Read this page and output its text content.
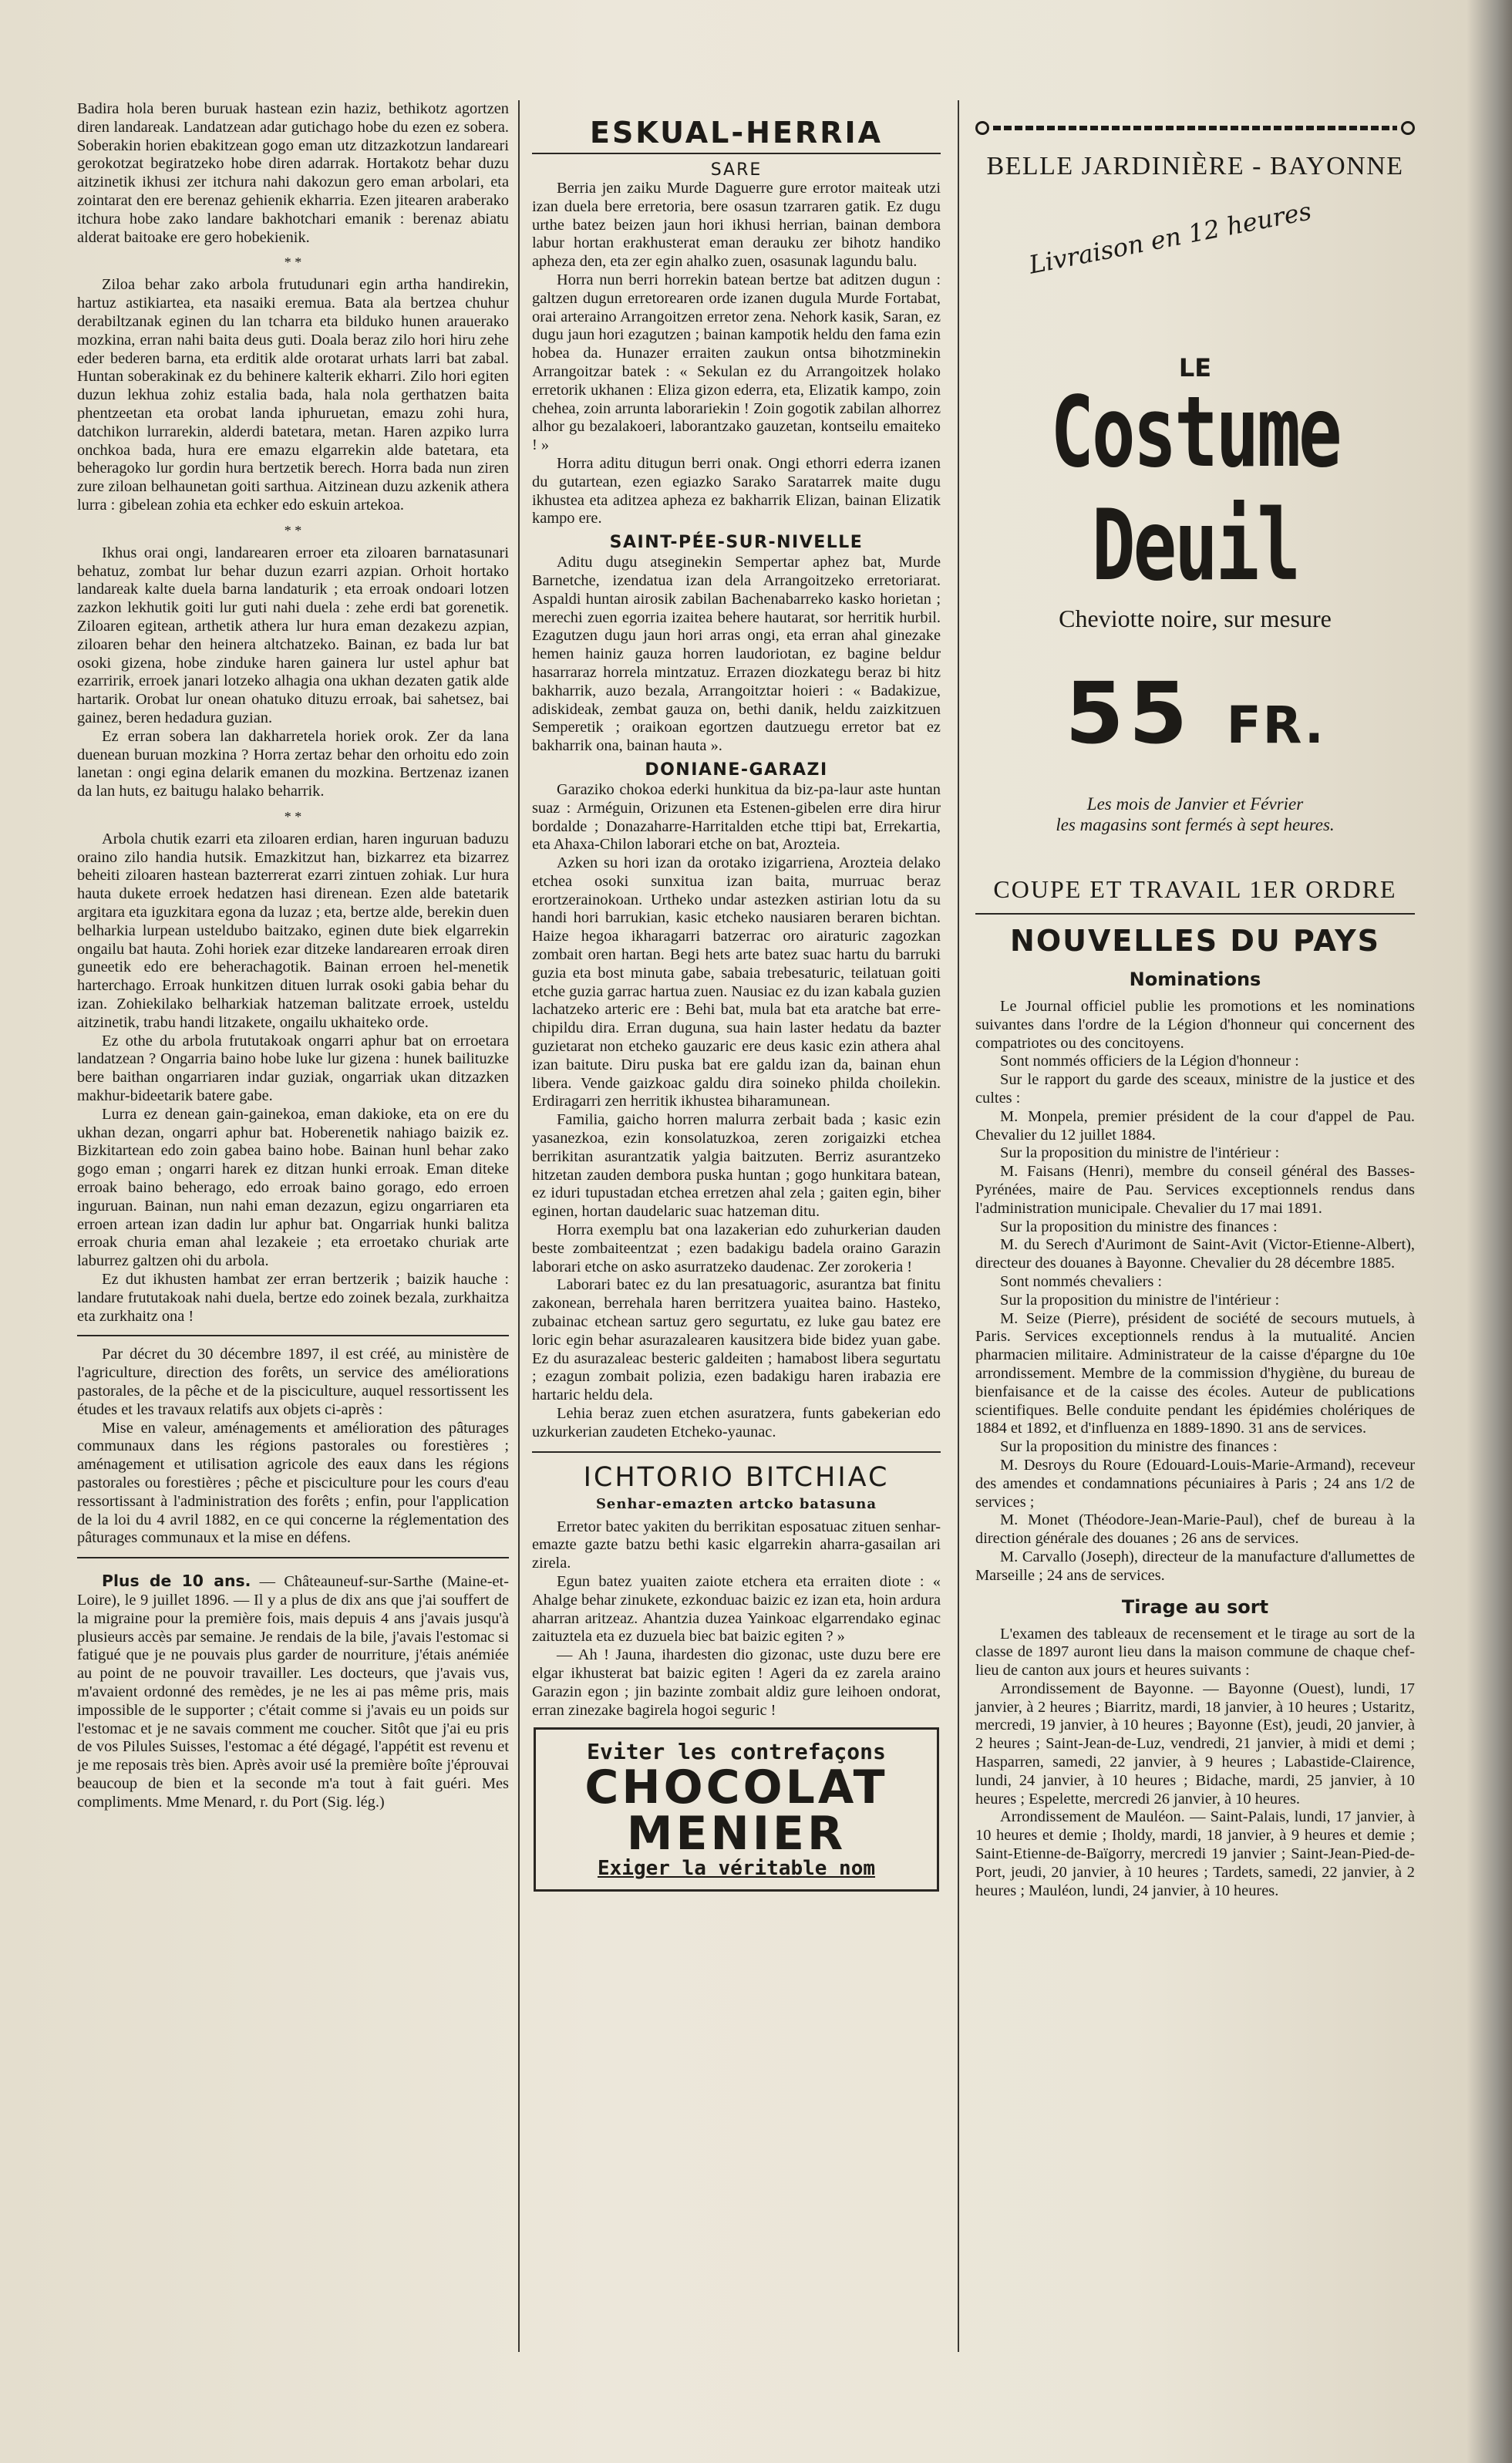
Badira hola beren buruak hastean ezin haziz, bethikotz agortzen diren landareak. Landatzean adar gutichago hobe du ezen ez sobera. Soberakin horien ebakitzean gogo eman utz ditzazkotzun landareari gerokotzat begiratzeko hobe diren adarrak. Hortakotz behar duzu aitzinetik ikhusi zer itchura nahi dakozun gero eman arbolari, eta zointarat den ere berenaz gehienik ekharria. Ezen jitearen araberako itchura hobe zako landare bakhotchari emanik : berenaz abiatu alderat baitoake ere gero hobekienik.

* *

Ziloa behar zako arbola frutudunari egin artha handirekin, hartuz astikiartea, eta nasaiki eremua. Bata ala bertzea chuhur derabiltzanak eginen du lan tcharra eta bilduko hunen arauerako mozkina, erran nahi baita deus guti. Doala beraz zilo hori hiru zehe eder bederen barna, eta erditik alde orotarat urhats larri bat zabal. Huntan soberakinak ez du behinere kalterik ekharri. Zilo hori egiten duzun lekhua zohiz estalia bada, hala nola gerthatzen baita phentzeetan eta orobat landa iphuruetan, emazu zohi hura, datchikon lurrarekin, alderdi batetara, metan. Haren azpiko lurra onchkoa bada, hura ere emazu elgarrekin alde batetara, eta beheragoko lur gordin hura bertzetik berech. Horra bada nun ziren zure ziloan belhaunetan goiti sarthua. Aitzinean duzu azkenik athera lurra : gibelean zohia eta echker edo eskuin artekoa.

* *

Ikhus orai ongi, landarearen erroer eta ziloaren barnatasunari behatuz, zombat lur behar duzun ezarri azpian. Orhoit hortako landareak kalte duela barna landaturik ; eta erroak ondoari lotzen zazkon lekhutik goiti lur guti nahi duela : zehe erdi bat gorenetik. Ziloaren egitean, arthetik athera lur hura eman dezakezu azpian, ziloaren behar den heinera altchatzeko. Bainan, ez bada lur bat osoki gizena, hobe zinduke haren gainera lur ustel aphur bat ezarririk, erroek janari lotzeko alhagia ona ukhan dezaten gatik alde hartarik. Orobat lur onean ohatuko dituzu erroak, bai sahetsez, bai gainez, beren hedadura guzian.

Ez erran sobera lan dakharretela horiek orok. Zer da lana duenean buruan mozkina ? Horra zertaz behar den orhoitu edo zoin lanetan : ongi egina delarik emanen du mozkina. Bertzenaz izanen da lan huts, ez baitugu halako beharrik.

* *

Arbola chutik ezarri eta ziloaren erdian, haren inguruan baduzu oraino zilo handia hutsik. Emazkitzut han, bizkarrez eta bizarrez beheiti ziloaren hastean bazterrerat ezarri zintuen zohiak. Lur hura hauta dukete erroek hedatzen hasi direnean. Ezen alde batetarik argitara eta iguzkitara egona da luzaz ; eta, bertze alde, berekin duen belharkia lurpean usteldubo baitzako, eginen dute biek elgarrekin ongailu bat hauta. Zohi horiek ezar ditzeke landarearen erroak diren guneetik edo ere beherachagotik. Bainan erroen hel-menetik harterchago. Erroak hunkitzen dituen lurrak osoki gabia behar du izan. Zohiekilako belharkiak hatzeman balitzate erroek, usteldu aitzinetik, trabu handi litzakete, ongailu ukhaiteko orde.

Ez othe du arbola frututakoak ongarri aphur bat on erroetara landatzean ? Ongarria baino hobe luke lur gizena : hunek bailituzke bere baithan ongarriaren indar guziak, ongarriak ukan ditzazken makhur-bideetarik batere gabe.

Lurra ez denean gain-gainekoa, eman dakioke, eta on ere du ukhan dezan, ongarri aphur bat. Hoberenetik nahiago baizik ez. Bizkitartean edo zoin gabea baino hobe. Bainan hunl behar zako gogo eman ; ongarri harek ez ditzan hunki erroak. Eman diteke erroak baino beherago, edo erroak baino gorago, edo erroen inguruan. Bainan, nun nahi eman dezazun, egizu ongarriaren eta erroen artean izan dadin lur aphur bat. Ongarriak hunki balitza erroak churia eman ahal lezakeie ; eta erroetako churiak arte laburrez galtzen ohi du arbola.

Ez dut ikhusten hambat zer erran bertzerik ; baizik hauche : landare frututakoak nahi duela, bertze edo zoinek bezala, zurkhaitza eta zurkhaitz ona !

Par décret du 30 décembre 1897, il est créé, au ministère de l'agriculture, direction des forêts, un service des améliorations pastorales, de la pêche et de la pisciculture, auquel ressortissent les études et les travaux relatifs aux objets ci-après :

Mise en valeur, aménagements et amélioration des pâturages communaux dans les régions pastorales ou forestières ; aménagement et utilisation agricole des eaux dans les régions pastorales ou forestières ; pêche et pisciculture pour les cours d'eau ressortissant à l'administration des forêts ; enfin, pour l'application de la loi du 4 avril 1882, en ce qui concerne la réglementation des pâturages communaux et la mise en défens.

Plus de 10 ans. — Châteauneuf-sur-Sarthe (Maine-et-Loire), le 9 juillet 1896. — Il y a plus de dix ans que j'ai souffert de la migraine pour la première fois, mais depuis 4 ans j'avais jusqu'à plusieurs accès par semaine. Je rendais de la bile, j'avais l'estomac si fatigué que je ne pouvais plus garder de nourriture, j'étais anémiée au point de ne pouvoir travailler. Les docteurs, que j'avais vus, m'avaient ordonné des remèdes, je ne les ai pas même pris, mais impossible de le supporter ; c'était comme si j'avais eu un poids sur l'estomac et je ne savais comment me coucher. Sitôt que j'ai eu pris de vos Pilules Suisses, l'estomac a été dégagé, l'appétit est revenu et je me reposais très bien. Après avoir usé la première boîte j'éprouvai beaucoup de bien et la seconde m'a tout à fait guéri. Mes compliments. Mme Menard, r. du Port (Sig. lég.)

ESKUAL-HERRIA
SARE

Berria jen zaiku Murde Daguerre gure errotor maiteak utzi izan duela bere erretoria, bere osasun tzarraren gatik. Ez dugu urthe batez beizen jaun hori ikhusi herrian, bainan dembora labur hortan erakhusterat eman derauku zer bihotz handiko apheza den, eta zer egin ahalko zuen, osasunak lagundu balu.

Horra nun berri horrekin batean bertze bat aditzen dugun : galtzen dugun erretorearen orde izanen dugula Murde Fortabat, orai arteraino Arrangoitzen erretor zena. Nehork kasik, Saran, ez dugu jaun hori ezagutzen ; bainan kampotik heldu den fama ezin hobea da. Hunazer erraiten zaukun ontsa bihotzminekin Arrangoitzar batek : « Sekulan ez du Arrangoitzek holako erretorik ukhanen : Eliza gizon ederra, eta, Elizatik kampo, zoin chehea, zoin arrunta laborariekin ! Zoin gogotik zabilan alhorrez alhor gu bezalakoeri, laborantzako gauzetan, kontseilu emaiteko ! »

Horra aditu ditugun berri onak. Ongi ethorri ederra izanen du gutartean, ezen egiazko Sarako Saratarrek maite dugu ikhustea eta aditzea apheza ez bakharrik Elizan, bainan Elizatik kampo ere.

SAINT-PÉE-SUR-NIVELLE

Aditu dugu atseginekin Sempertar aphez bat, Murde Barnetche, izendatua izan dela Arrangoitzeko erretoriarat. Aspaldi huntan airosik zabilan Bachenabarreko kasko horietan ; merechi zuen egorria izaitea behere hautarat, sor herritik hurbil. Ezagutzen dugu jaun hori arras ongi, eta erran ahal ginezake hemen hainiz gauza horren laudoriotan, ez bagine beldur hasarraraz horrela mintzatuz. Errazen diozkategu beraz bi hitz bakharrik, auzo bezala, Arrangoitztar hoieri : « Badakizue, adiskideak, zembat gauza on, bethi danik, heldu zaizkitzuen Semperetik ; oraikoan egortzen dautzuegu erretor bat ez bakharrik ona, bainan hauta ».

DONIANE-GARAZI

Garaziko chokoa ederki hunkitua da biz-pa-laur aste huntan suaz : Arméguin, Orizunen eta Estenen-gibelen erre dira hirur bordalde ; Donazaharre-Harritalden etche ttipi bat, Errekartia, eta Ahaxa-Chilon laborari etche on bat, Arozteia.

Azken su hori izan da orotako izigarriena, Arozteia delako etchea osoki sunxitua izan baita, murruac beraz erortzerainokoan. Urtheko undar astezken astirian lotu da su handi hori barrukian, kasic etcheko nausiaren beraren bichtan. Haize hegoa ikharagarri batzerrac oro airaturic zagozkan zombait oren hartan. Begi hets arte batez suac hartu du barruki guzia eta bost minuta gabe, sabaia trebesaturic, teilatuan goiti etche guzia garrac hartua zuen. Nausiac ez du izan kabala guzien lachatzeko arteric ere : Behi bat, mula bat eta aratche bat erre-chipildu dira. Erran duguna, sua hain laster hedatu da bazter guzietarat non etcheko gauzaric ere deus kasic ezin athera ahal izan baitute. Diru puska bat ere galdu izan da, bainan ehun libera. Vende gaizkoac galdu dira soineko philda choilekin. Erdiragarri zen herritik ikhustea biharamunean.

Familia, gaicho horren malurra zerbait bada ; kasic ezin yasanezkoa, ezin konsolatuzkoa, zeren zorigaizki etchea berrikitan asurantzatik yalgia baitzuten. Berriz asurantzeko hitzetan zauden dembora puska huntan ; gogo hunkitara batean, ez iduri tupustadan etchea erretzen ahal zela ; gaiten egin, biher eginen, hortan daudelaric suac hatzeman ditu.

Horra exemplu bat ona lazakerian edo zuhurkerian dauden beste zombaiteentzat ; ezen badakigu badela oraino Garazin laborari etche on asko asurratzeko daudenac. Zer zorokeria !

Laborari batec ez du lan presatuagoric, asurantza bat finitu zakonean, berrehala haren berritzera yuaitea baino. Hasteko, zubainac etchean sartuz gero segurtatu, ez luke gau batez ere loric egin behar asurazalearen kausitzera bide bidez yuan gabe. Ez du asurazaleac besteric galdeiten ; hamabost libera segurtatu ; ezagun zombait polizia, ezen badakigu haren irabazia ere hartaric heldu dela.

Lehia beraz zuen etchen asuratzera, funts gabekerian edo uzkurkerian zaudeten Etcheko-yaunac.

ICHTORIO BITCHIAC
Senhar-emazten artcko batasuna

Erretor batec yakiten du berrikitan esposatuac zituen senhar-emazte gazte batzu bethi kasic elgarrekin aharra-gasailan ari zirela.

Egun batez yuaiten zaiote etchera eta erraiten diote : « Ahalge behar zinukete, ezkonduac baizic ez izan eta, hoin ardura aharran aritzeaz. Ahantzia duzea Yainkoac elgarrendako eginac zaituztela eta ez duzuela biec bat baizic egiten ? »

— Ah ! Jauna, ihardesten dio gizonac, uste duzu bere ere elgar ikhusterat bat baizic egiten ! Ageri da ez zarela araino Garazin egon ; jin bazinte zombait aldiz gure leihoen ondorat, erran zinezake bagirela hogoi seguric !

Eviter les contrefaçons
CHOCOLAT
MENIER
Exiger la véritable nom
BELLE JARDINIÈRE - BAYONNE
Livraison en 12 heures
LE
Costume Deuil
Cheviotte noire, sur mesure
55 FR.
Les mois de Janvier et Février
les magasins sont fermés à sept heures.
COUPE ET TRAVAIL 1ER ORDRE
NOUVELLES DU PAYS
Nominations

Le Journal officiel publie les promotions et les nominations suivantes dans l'ordre de la Légion d'honneur qui concernent des compatriotes ou des concitoyens.

Sont nommés officiers de la Légion d'honneur :

Sur le rapport du garde des sceaux, ministre de la justice et des cultes :

M. Monpela, premier président de la cour d'appel de Pau. Chevalier du 12 juillet 1884.

Sur la proposition du ministre de l'intérieur :

M. Faisans (Henri), membre du conseil général des Basses-Pyrénées, maire de Pau. Services exceptionnels rendus dans l'administration municipale. Chevalier du 17 mai 1891.

Sur la proposition du ministre des finances :

M. du Serech d'Aurimont de Saint-Avit (Victor-Etienne-Albert), directeur des douanes à Bayonne. Chevalier du 28 décembre 1885.

Sont nommés chevaliers :

Sur la proposition du ministre de l'intérieur :

M. Seize (Pierre), président de société de secours mutuels, à Paris. Services exceptionnels rendus à la mutualité. Ancien pharmacien militaire. Administrateur de la caisse d'épargne du 10e arrondissement. Membre de la commission d'hygiène, du bureau de bienfaisance et de la caisse des écoles. Auteur de publications scientifiques. Belle conduite pendant les épidémies cholériques de 1884 et 1892, et d'influenza en 1889-1890. 31 ans de services.

Sur la proposition du ministre des finances :

M. Desroys du Roure (Edouard-Louis-Marie-Armand), receveur des amendes et condamnations pécuniaires à Paris ; 24 ans 1/2 de services ;

M. Monet (Théodore-Jean-Marie-Paul), chef de bureau à la direction générale des douanes ; 26 ans de services.

M. Carvallo (Joseph), directeur de la manufacture d'allumettes de Marseille ; 24 ans de services.

Tirage au sort

L'examen des tableaux de recensement et le tirage au sort de la classe de 1897 auront lieu dans la maison commune de chaque chef-lieu de canton aux jours et heures suivants :

Arrondissement de Bayonne. — Bayonne (Ouest), lundi, 17 janvier, à 2 heures ; Biarritz, mardi, 18 janvier, à 10 heures ; Ustaritz, mercredi, 19 janvier, à 10 heures ; Bayonne (Est), jeudi, 20 janvier, à 2 heures ; Saint-Jean-de-Luz, vendredi, 21 janvier, à midi et demi ; Hasparren, samedi, 22 janvier, à 9 heures ; Labastide-Clairence, lundi, 24 janvier, à 10 heures ; Bidache, mardi, 25 janvier, à 10 heures ; Espelette, mercredi 26 janvier, à 10 heures.

Arrondissement de Mauléon. — Saint-Palais, lundi, 17 janvier, à 10 heures et demie ; Iholdy, mardi, 18 janvier, à 9 heures et demie ; Saint-Etienne-de-Baïgorry, mercredi 19 janvier ; Saint-Jean-Pied-de-Port, jeudi, 20 janvier, à 10 heures ; Tardets, samedi, 22 janvier, à 2 heures ; Mauléon, lundi, 24 janvier, à 10 heures.
